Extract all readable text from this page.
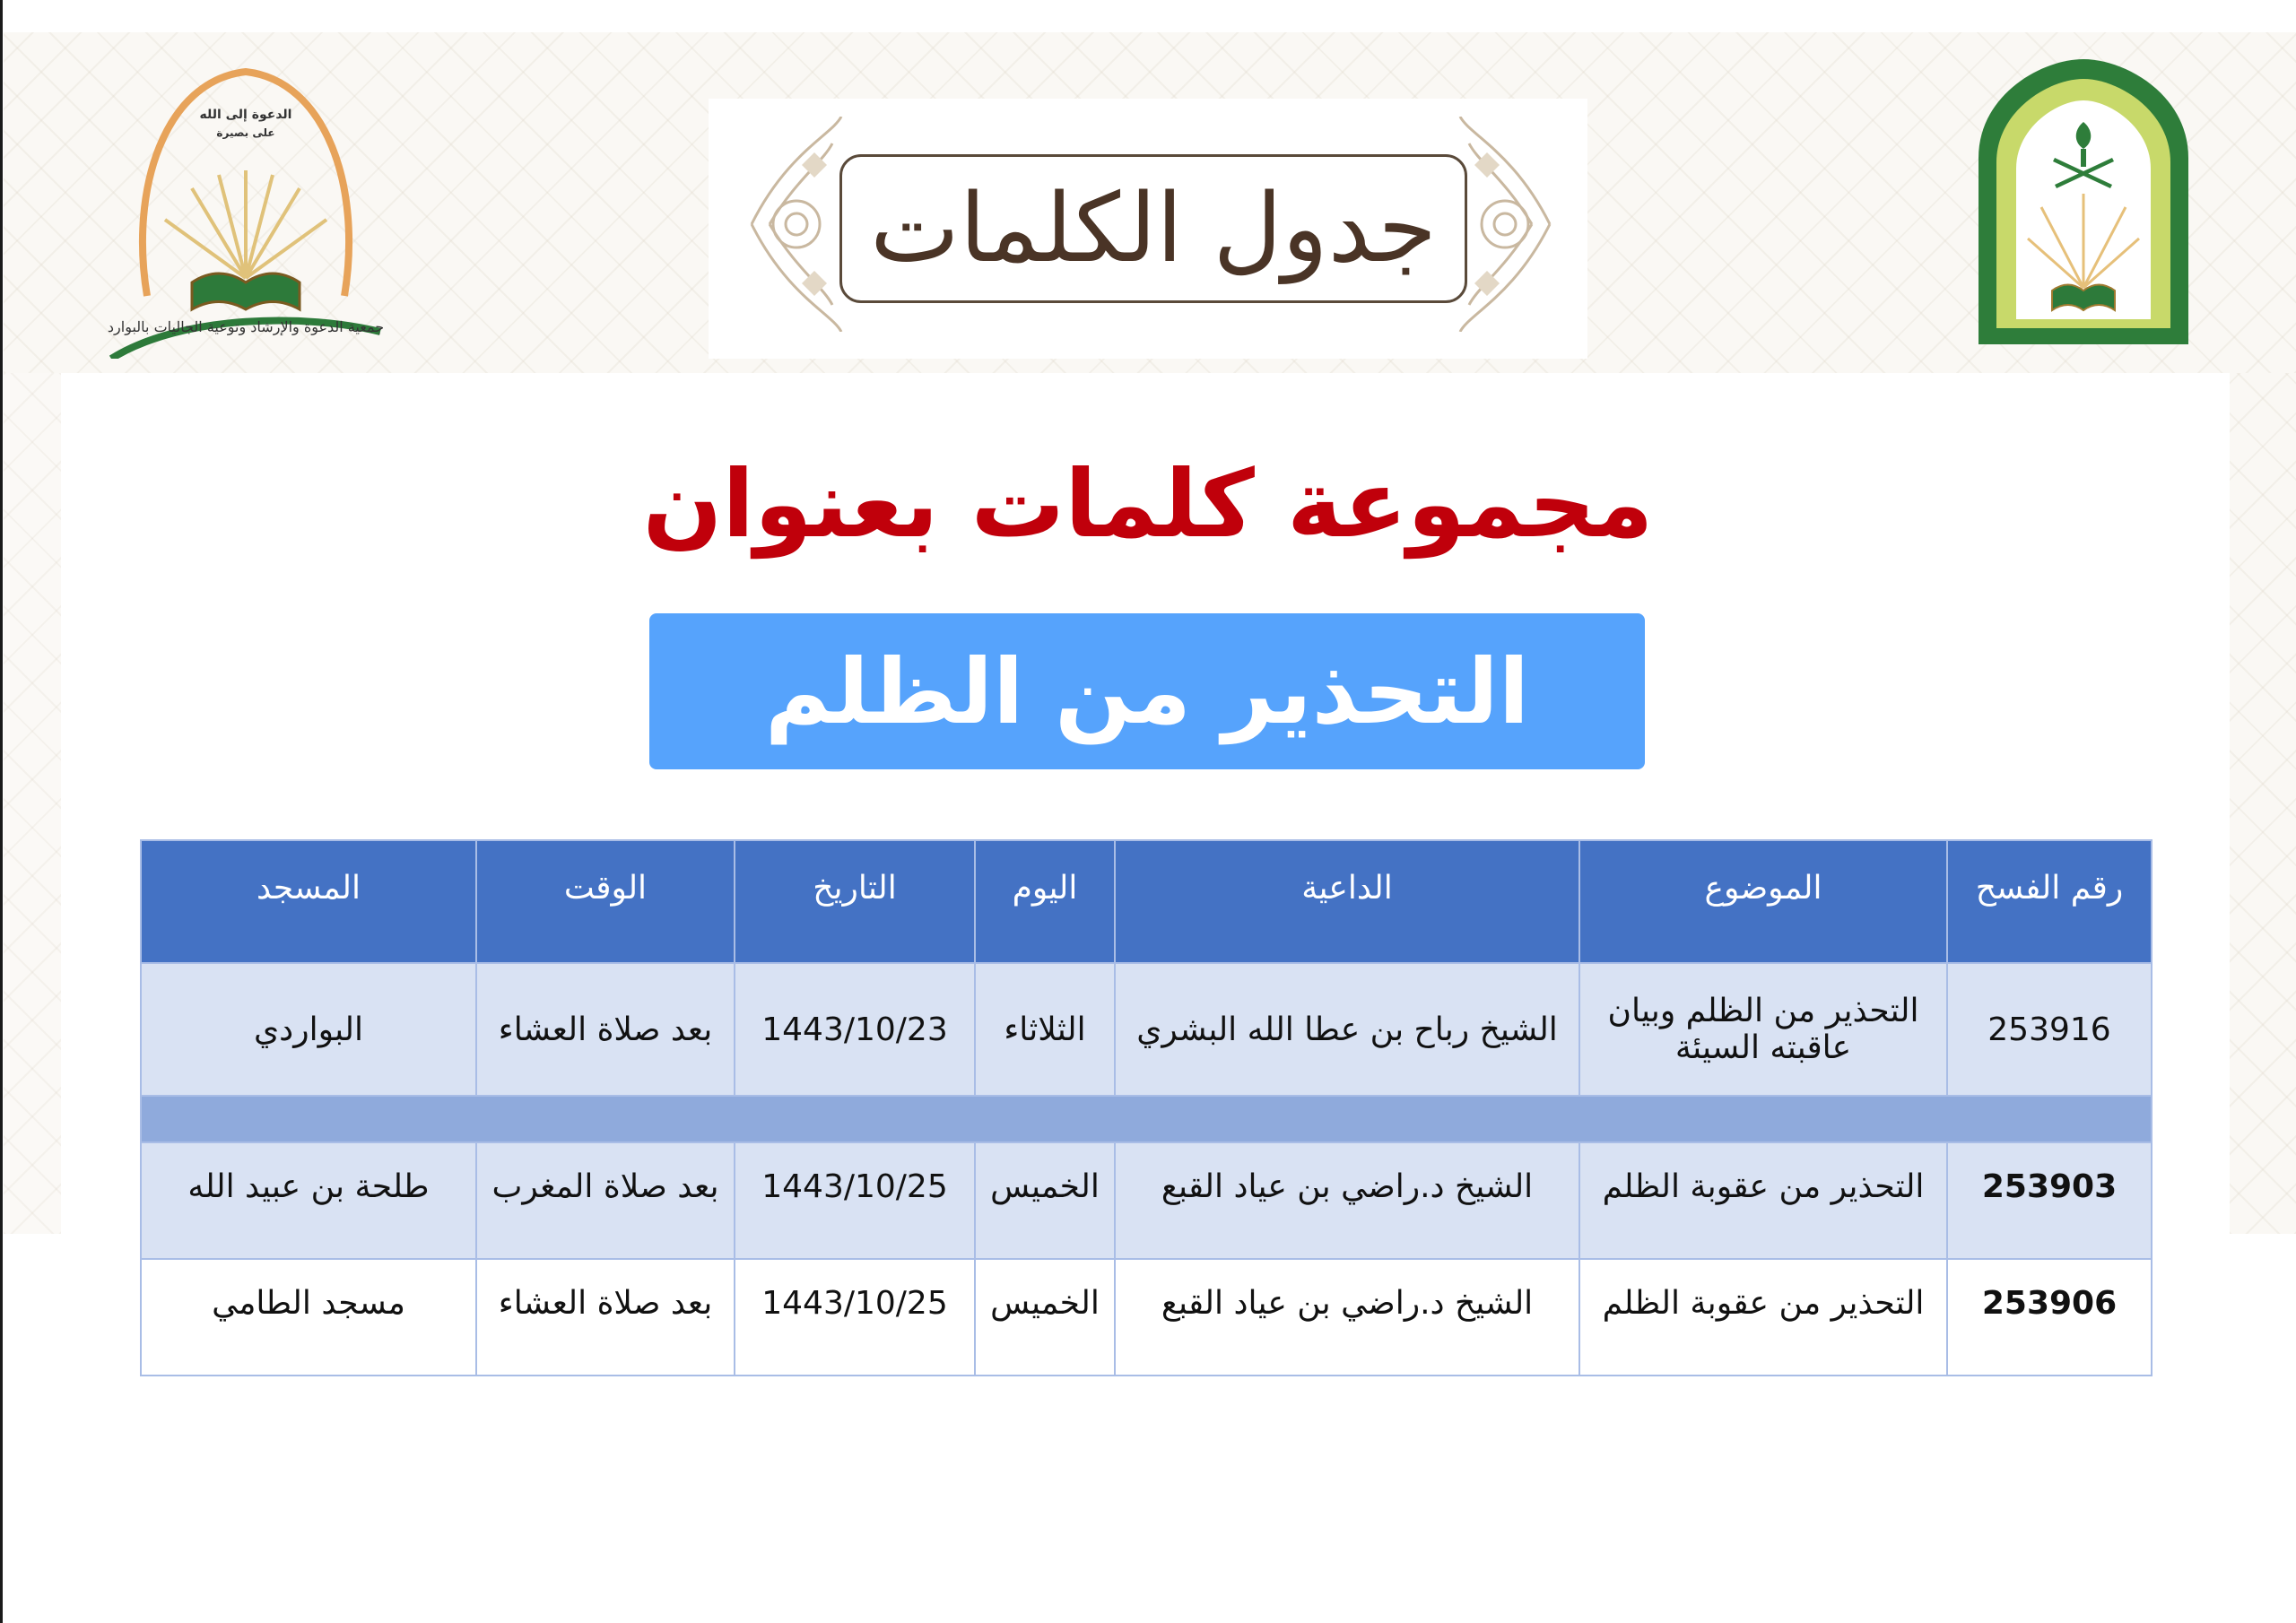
جدول الكلمات
الدعوة إلى الله
على بصيرة
جمعية الدعوة والإرشاد وتوعية الجاليات بالبوارد
مجموعة كلمات بعنوان
التحذير من الظلم
رقم الفسح	الموضوع	الداعية	اليوم	التاريخ	الوقت	المسجد
253916	التحذير من الظلم وبيان عاقبته السيئة	الشيخ رباح بن عطا الله البشري	الثلاثاء	1443/10/23	بعد صلاة العشاء	البواردي

253903	التحذير من عقوبة الظلم	الشيخ د.راضي بن عياد القبع	الخميس	1443/10/25	بعد صلاة المغرب	طلحة بن عبيد الله
253906	التحذير من عقوبة الظلم	الشيخ د.راضي بن عياد القبع	الخميس	1443/10/25	بعد صلاة العشاء	مسجد الطامي
